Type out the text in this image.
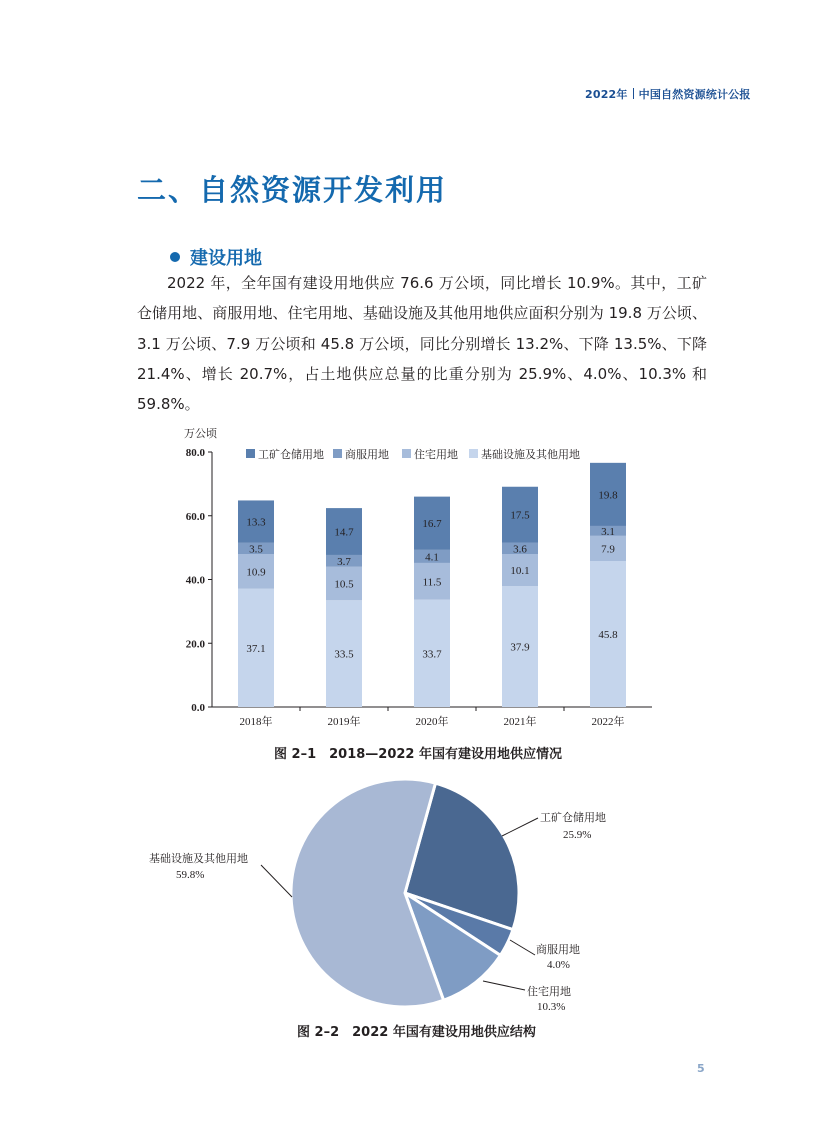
2022年 中国自然资源统计公报
二、自然资源开发利用
建设用地
2022 年，全年国有建设用地供应 76.6 万公顷，同比增长 10.9%。其中，工矿仓储用地、商服用地、住宅用地、基础设施及其他用地供应面积分别为 19.8 万公顷、3.1 万公顷、7.9 万公顷和 45.8 万公顷，同比分别增长 13.2%、下降 13.5%、下降 21.4%、增长 20.7%，占土地供应总量的比重分别为 25.9%、4.0%、10.3% 和 59.8%。
万公顷
0.0
20.0
40.0
60.0
80.0
37.1
10.9
3.5
13.3
2018年
33.5
10.5
3.7
14.7
2019年
33.7
11.5
4.1
16.7
2020年
37.9
10.1
3.6
17.5
2021年
45.8
7.9
3.1
19.8
2022年
工矿仓储用地 商服用地 住宅用地 基础设施及其他用地
工矿仓储用地
25.9%
商服用地
4.0%
住宅用地
10.3%
基础设施及其他用地
59.8%
图 2–1　2018—2022 年国有建设用地供应情况
图 2–2　2022 年国有建设用地供应结构
5
